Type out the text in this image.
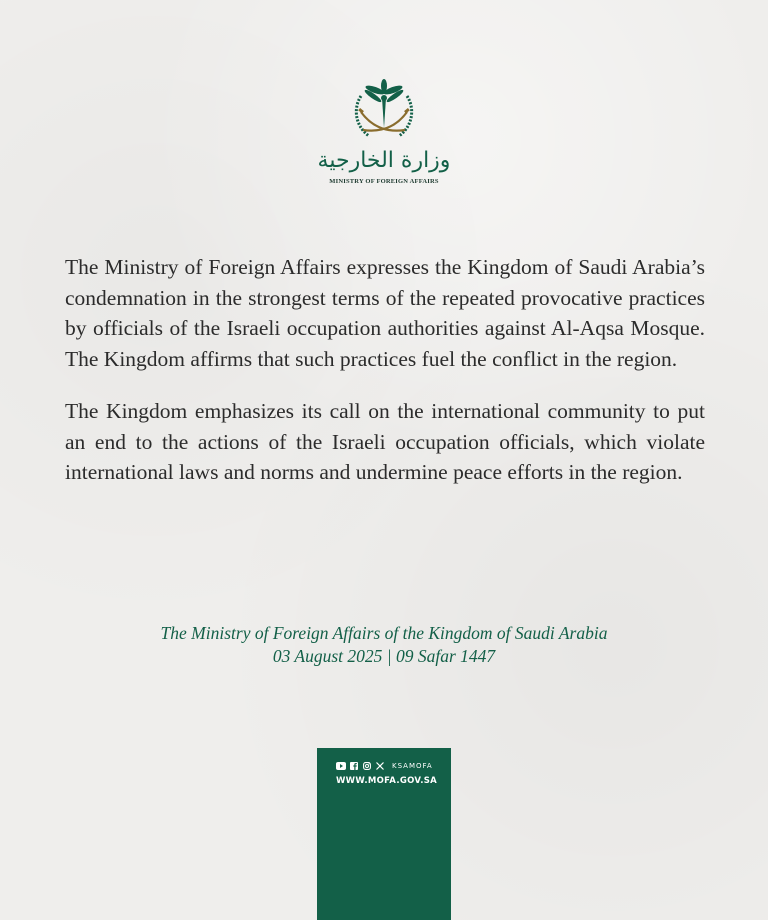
وزارة الخارجية
MINISTRY OF FOREIGN AFFAIRS

The Ministry of Foreign Affairs expresses the Kingdom of Saudi Arabia’s condemnation in the strongest terms of the repeated provocative practices by officials of the Israeli occupation authorities against Al-Aqsa Mosque. The Kingdom affirms that such practices fuel the conflict in the region.

The Kingdom emphasizes its call on the international community to put an end to the actions of the Israeli occupation officials, which violate international laws and norms and undermine peace efforts in the region.

The Ministry of Foreign Affairs of the Kingdom of Saudi Arabia
03 August 2025 | 09 Safar 1447
KSAMOFA
WWW.MOFA.GOV.SA
